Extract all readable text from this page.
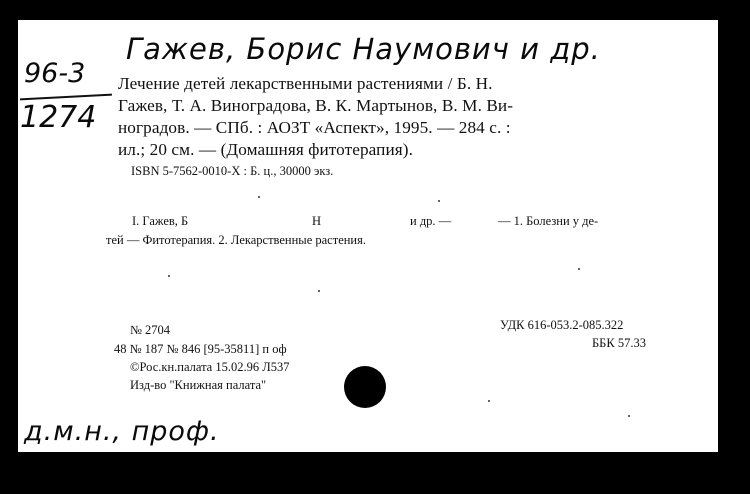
Гажев, Борис Наумович и др.
96-3
1274
Лечение детей лекарственными растениями / Б. Н.
Гажев, Т. А. Виноградова, В. К. Мартынов, В. М. Ви-
ноградов. — СПб. : АОЗТ «Аспект», 1995. — 284 с. :
ил.; 20 см. — (Домашняя фитотерапия).
ISBN 5-7562-0010-X : Б. ц., 30000 экз.
I. Гажев, Б	Н	и др. —	— 1. Болезни у де-
тей — Фитотерапия. 2. Лекарственные растения.
№ 2704
48 № 187 № 846 [95-35811] п оф
©Рос.кн.палата 15.02.96 Л537
Изд-во "Книжная палата"
УДК 616-053.2-085.322
ББК 57.33
д.м.н., проф.
